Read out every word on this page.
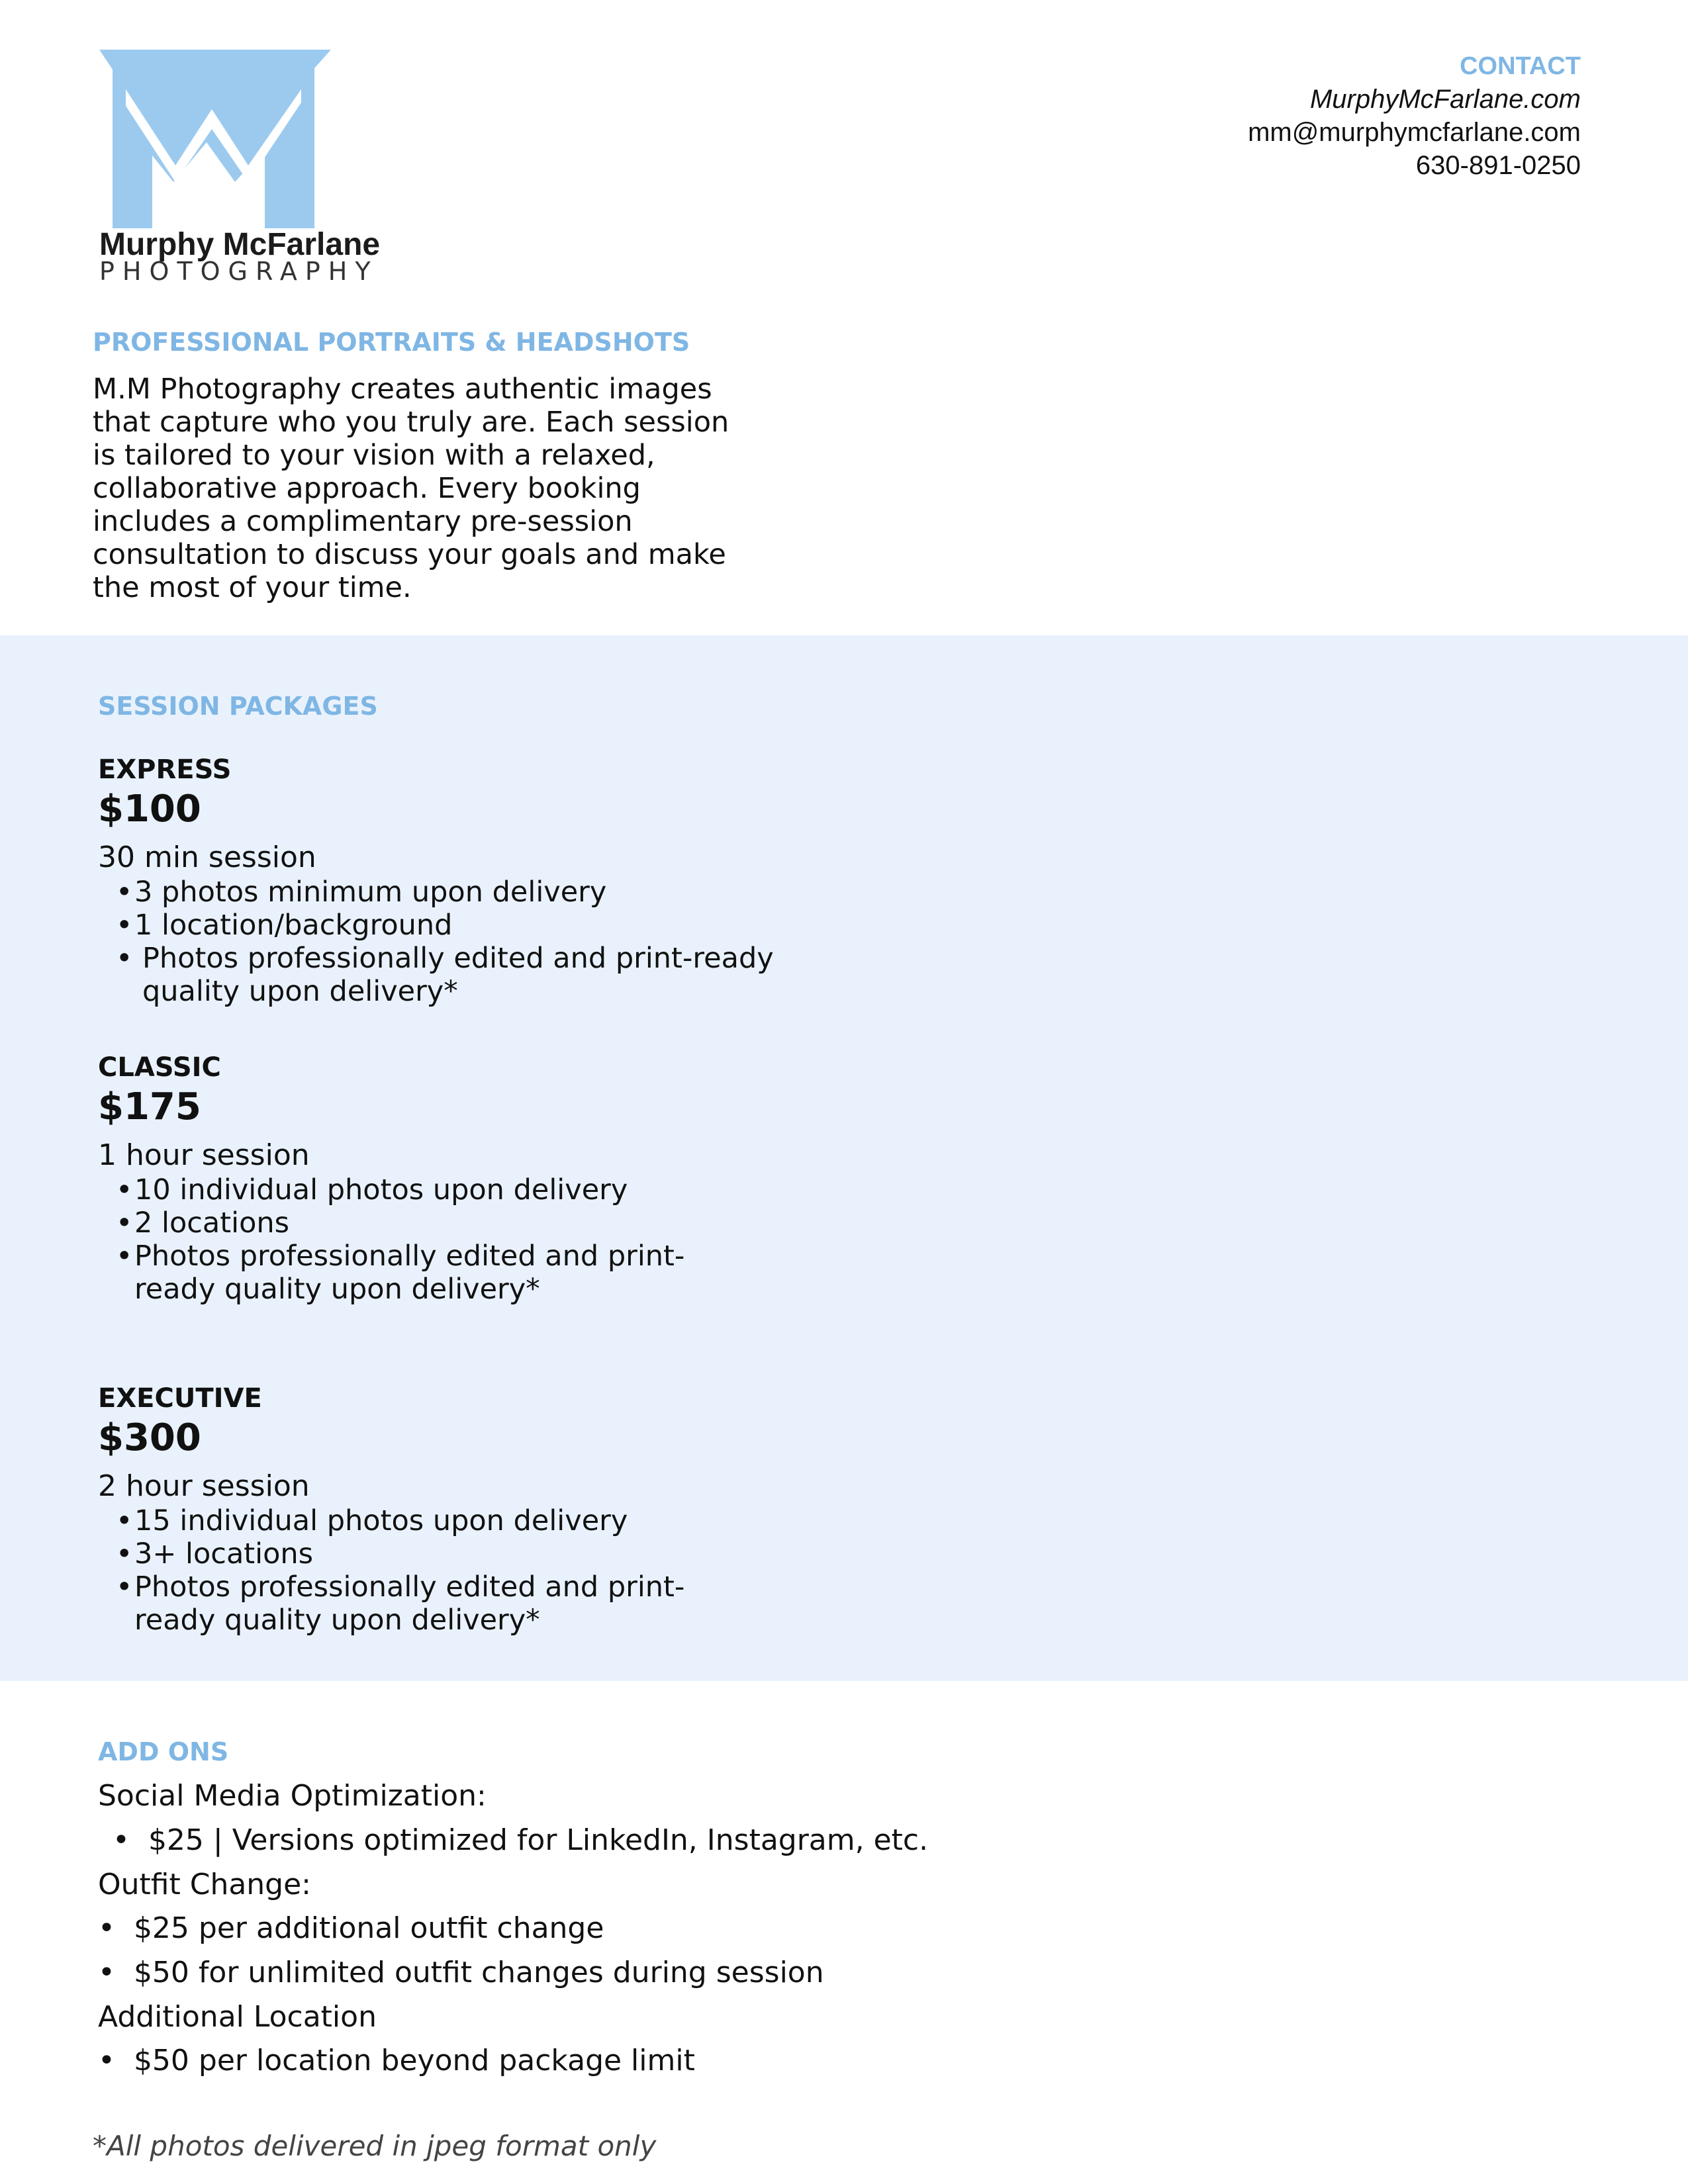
Murphy McFarlane
PHOTOGRAPHY
CONTACT
MurphyMcFarlane.com
mm@murphymcfarlane.com
630-891-0250
PROFESSIONAL PORTRAITS & HEADSHOTS
M.M Photography creates authentic images
that capture who you truly are. Each session
is tailored to your vision with a relaxed,
collaborative approach. Every booking
includes a complimentary pre-session
consultation to discuss your goals and make
the most of your time.
SESSION PACKAGES
EXPRESS
$100
30 min session
• 3 photos minimum upon delivery
• 1 location/background
• Photos professionally edited and print-ready quality upon delivery*
CLASSIC
$175
1 hour session
• 10 individual photos upon delivery
• 2 locations
• Photos professionally edited and print-ready quality upon delivery*
EXECUTIVE
$300
2 hour session
• 15 individual photos upon delivery
• 3+ locations
• Photos professionally edited and print-ready quality upon delivery*
ADD ONS
Social Media Optimization:
•  $25 | Versions optimized for LinkedIn, Instagram, etc.
Outfit Change:
•  $25 per additional outfit change
•  $50 for unlimited outfit changes during session
Additional Location
•  $50 per location beyond package limit
*All photos delivered in jpeg format only
